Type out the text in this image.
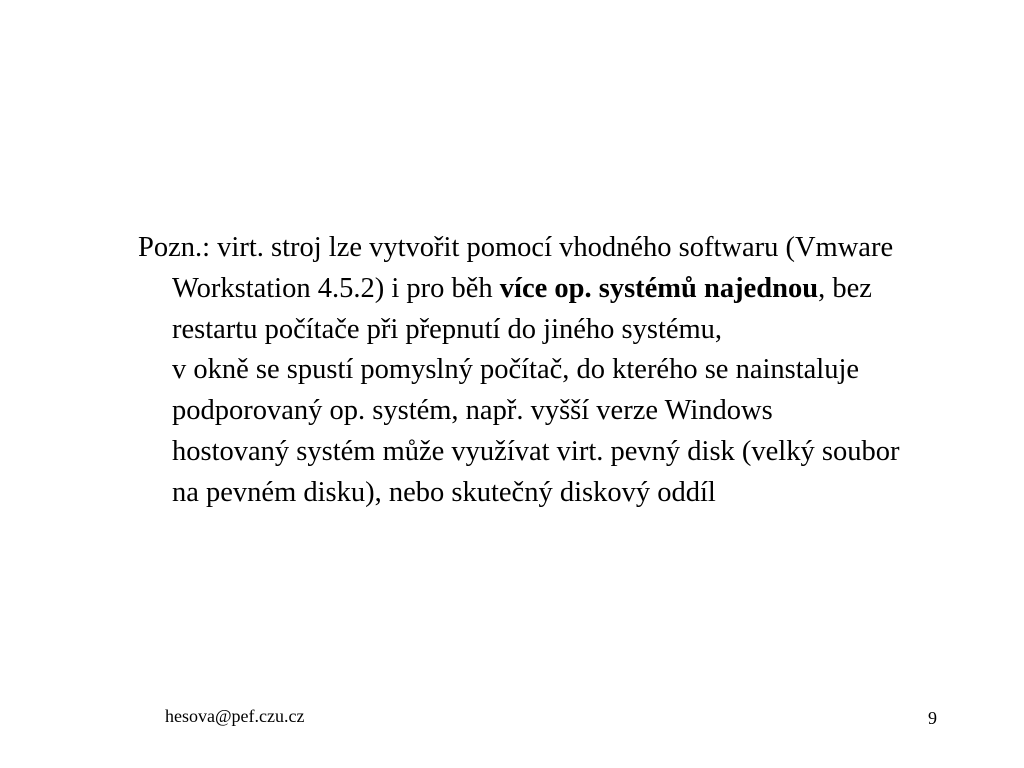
Pozn.: virt. stroj lze vytvořit pomocí vhodného softwaru (Vmware Workstation 4.5.2) i pro běh více op. systémů najednou, bez restartu počítače při přepnutí do jiného systému,

v okně se spustí pomyslný počítač, do kterého se nainstaluje podporovaný op. systém, např. vyšší verze Windows

hostovaný systém může využívat virt. pevný disk (velký soubor na pevném disku), nebo skutečný diskový oddíl

hesova@pef.czu.cz	9
